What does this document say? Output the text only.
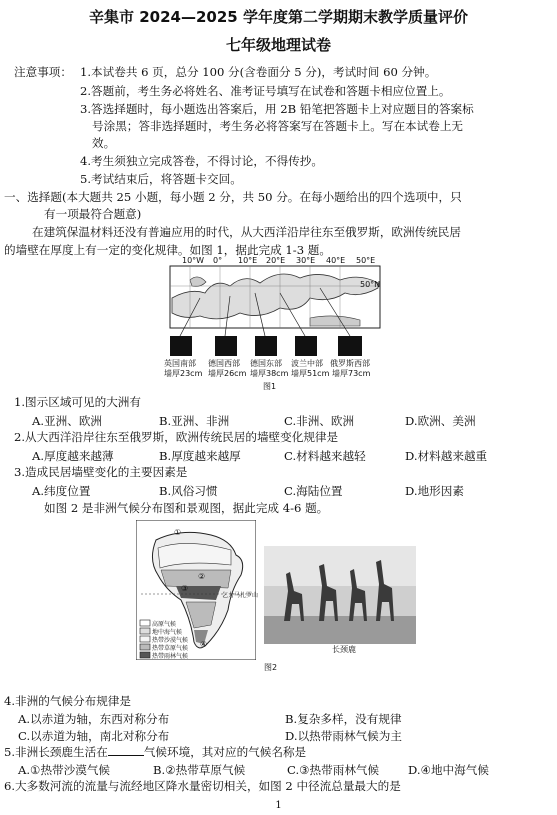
辛集市 2024—2025 学年度第二学期期末教学质量评价
七年级地理试卷
注意事项： 1.本试卷共 6 页，总分 100 分(含卷面分 5 分)，考试时间 60 分钟。
2.答题前，考生务必将姓名、准考证号填写在试卷和答题卡相应位置上。
3.答选择题时，每小题选出答案后，用 2B 铅笔把答题卡上对应题目的答案标
号涂黑；答非选择题时，考生务必将答案写在答题卡上。写在本试卷上无
效。
4.考生须独立完成答卷，不得讨论，不得传抄。
5.考试结束后，将答题卡交回。
一、选择题(本大题共 25 小题，每小题 2 分，共 50 分。在每小题给出的四个选项中，只
有一项最符合题意)
在建筑保温材料还没有普遍应用的时代，从大西洋沿岸往东至俄罗斯，欧洲传统民居
的墙壁在厚度上有一定的变化规律。如图 1，据此完成 1-3 题。
10°W 0° 10°E 20°E 30°E 40°E 50°E
50°N
英国南部
墙厚23cm
德国西部
墙厚26cm
德国东部
墙厚38cm
波兰中部
墙厚51cm
俄罗斯西部
墙厚73cm
图1
1.图示区域可见的大洲有
A.亚洲、欧洲	B.亚洲、非洲	C.非洲、欧洲	D.欧洲、美洲
2.从大西洋沿岸往东至俄罗斯，欧洲传统民居的墙壁变化规律是
A.厚度越来越薄	B.厚度越来越厚	C.材料越来越轻	D.材料越来越重
3.造成民居墙壁变化的主要因素是
A.纬度位置	B.风俗习惯	C.海陆位置	D.地形因素
如图 2 是非洲气候分布图和景观图，据此完成 4-6 题。
高原气候
地中海气候
热带沙漠气候
热带草原气候
热带雨林气候
①
②
③
④
乞力马扎罗山
长颈鹿
图2
4.非洲的气候分布规律是
A.以赤道为轴，东西对称分布	B.复杂多样，没有规律
C.以赤道为轴，南北对称分布	D.以热带雨林气候为主
5.非洲长颈鹿生活在	气候环境，其对应的气候名称是
A.①热带沙漠气候	B.②热带草原气候	C.③热带雨林气候 D.④地中海气候
6.大多数河流的流量与流经地区降水量密切相关，如图 2 中径流总量最大的是
1
